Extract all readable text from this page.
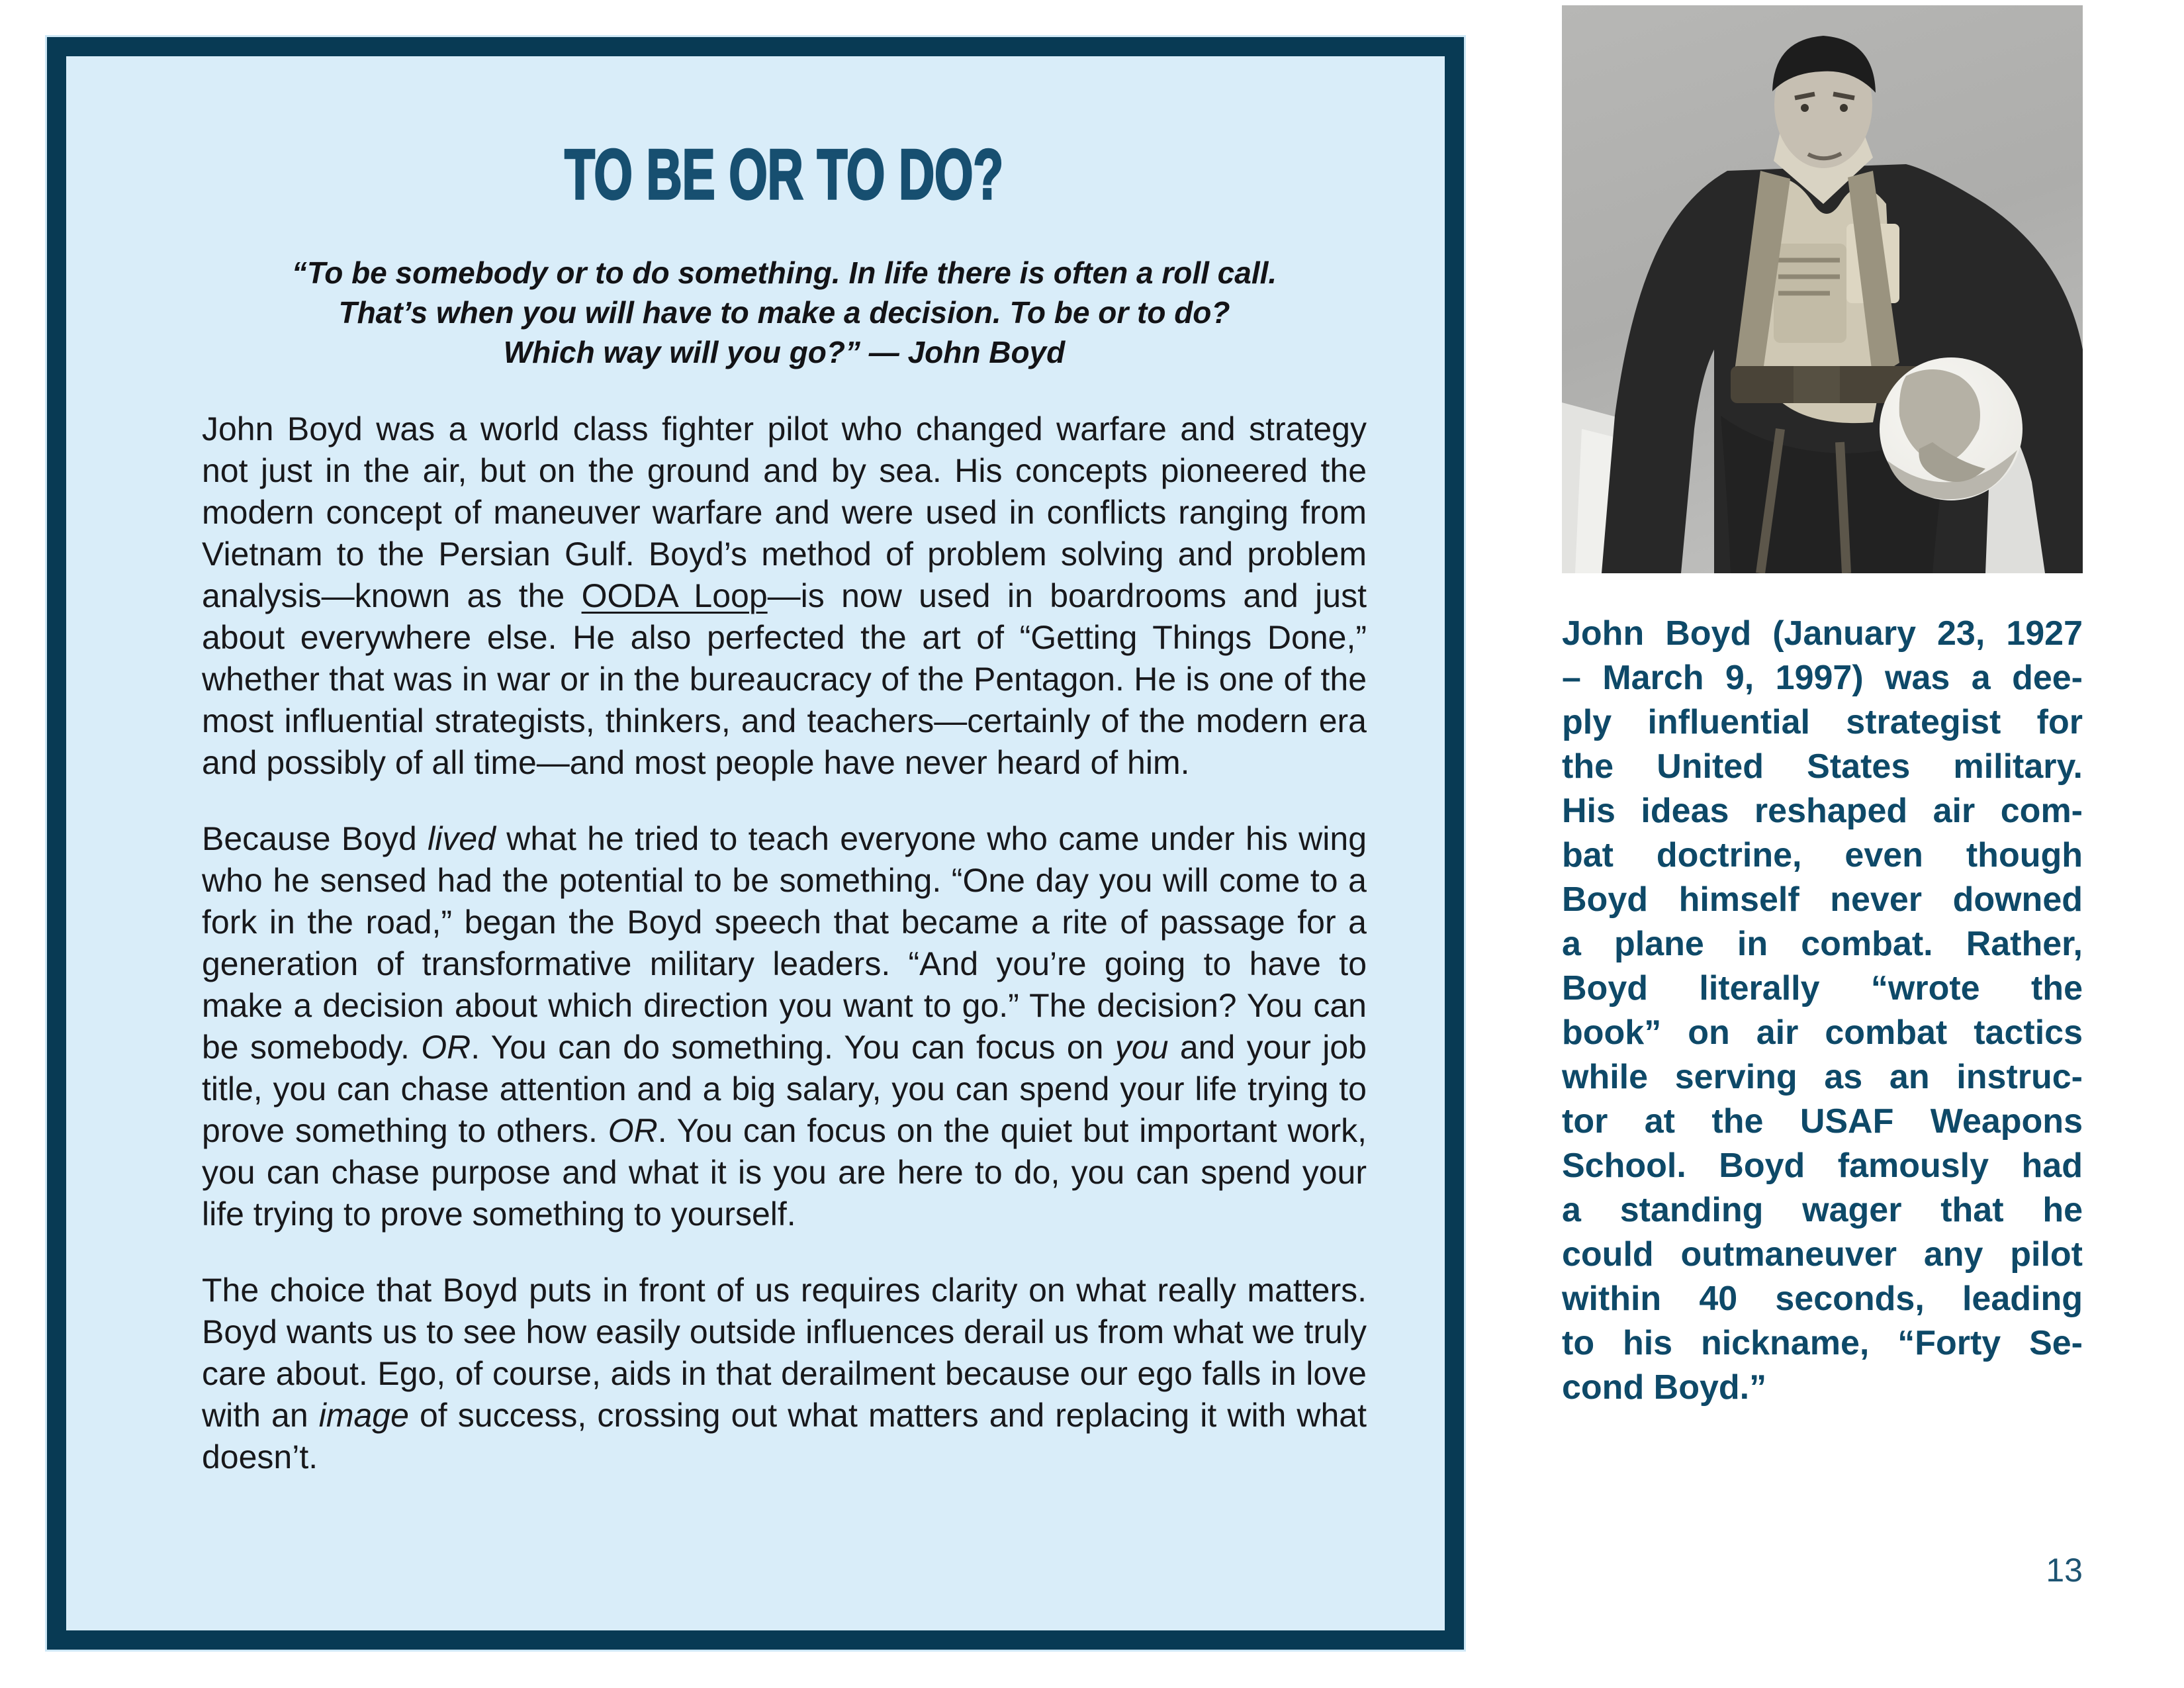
TO BE OR TO DO?
“To be somebody or to do something. In life there is often a roll call.
That’s when you will have to make a decision. To be or to do?
Which way will you go?” — John Boyd
John Boyd was a world class fighter pilot who changed warfare and strategy not just in the air, but on the ground and by sea. His concepts pioneered the modern concept of maneuver warfare and were used in conflicts ranging from Vietnam to the Persian Gulf. Boyd’s method of problem solving and problem analysis—known as the OODA Loop—is now used in boardrooms and just about everywhere else. He also perfected the art of “Getting Things Done,” whether that was in war or in the bureaucracy of the Pentagon. He is one of the most influential strategists, thinkers, and teachers—certainly of the modern era and possibly of all time—and most people have never heard of him.
Because Boyd lived what he tried to teach everyone who came under his wing who he sensed had the potential to be something. “One day you will come to a fork in the road,” began the Boyd speech that became a rite of passage for a generation of transformative military leaders. “And you’re going to have to make a decision about which direction you want to go.” The decision? You can be somebody. OR. You can do something. You can focus on you and your job title, you can chase attention and a big salary, you can spend your life trying to prove something to others. OR. You can focus on the quiet but important work, you can chase purpose and what it is you are here to do, you can spend your life trying to prove something to yourself.
The choice that Boyd puts in front of us requires clarity on what really matters. Boyd wants us to see how easily outside influences derail us from what we truly care about. Ego, of course, aids in that derailment because our ego falls in love with an image of success, crossing out what matters and replacing it with what doesn’t.
John Boyd (January 23, 1927
– March 9, 1997) was a dee-
ply influential strategist for
the United States military.
His ideas reshaped air com-
bat doctrine, even though
Boyd himself never downed
a plane in combat. Rather,
Boyd literally “wrote the
book” on air combat tactics
while serving as an instruc-
tor at the USAF Weapons
School. Boyd famously had
a standing wager that he
could outmaneuver any pilot
within 40 seconds, leading
to his nickname, “Forty Se-
cond Boyd.”
13
